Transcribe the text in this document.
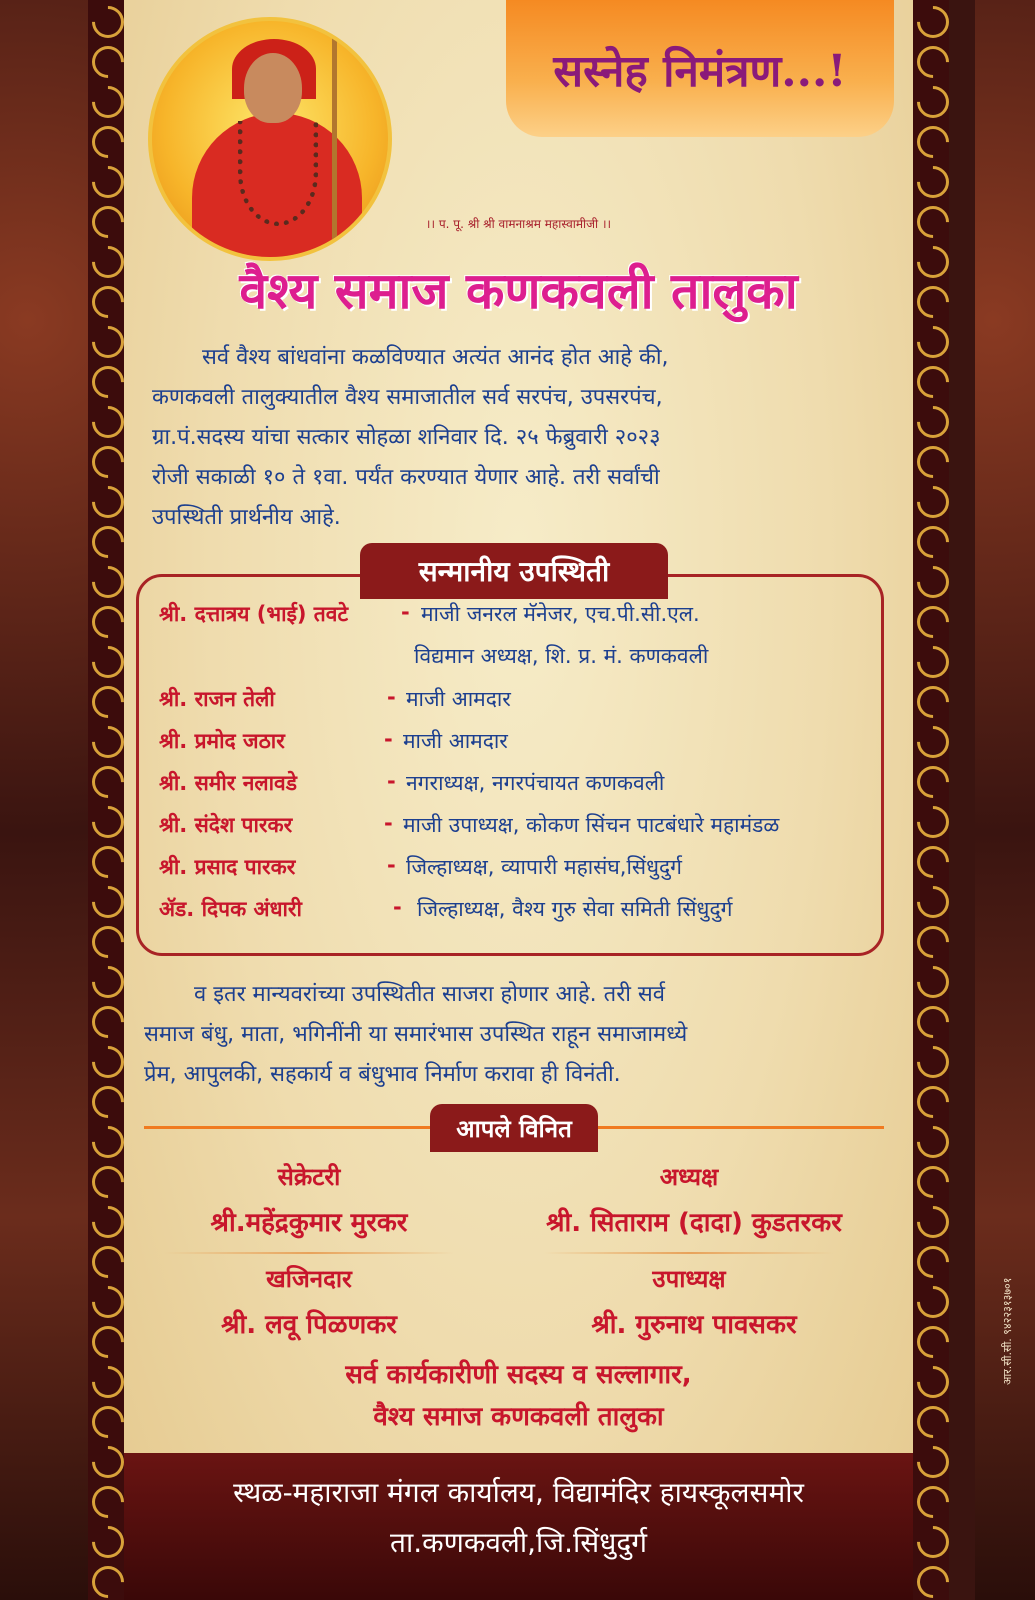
सस्नेह निमंत्रण...!
।। प. पू. श्री श्री वामनाश्रम महास्वामीजी ।।
वैश्य समाज कणकवली तालुका

सर्व वैश्य बांधवांना कळविण्यात अत्यंत आनंद होत आहे की,

कणकवली तालुक्यातील वैश्य समाजातील सर्व सरपंच, उपसरपंच,

ग्रा.पं.सदस्य यांचा सत्कार सोहळा शनिवार दि. २५ फेब्रुवारी २०२३

रोजी सकाळी १० ते १वा. पर्यंत करण्यात येणार आहे. तरी सर्वांची

उपस्थिती प्रार्थनीय आहे.

सन्मानीय उपस्थिती
श्री. दत्तात्रय (भाई) तवटे	- माजी जनरल मॅनेजर, एच.पी.सी.एल.
विद्यमान अध्यक्ष, शि. प्र. मं. कणकवली
श्री. राजन तेली	- माजी आमदार
श्री. प्रमोद जठार	- माजी आमदार
श्री. समीर नलावडे	- नगराध्यक्ष, नगरपंचायत कणकवली
श्री. संदेश पारकर	- माजी उपाध्यक्ष, कोकण सिंचन पाटबंधारे महामंडळ
श्री. प्रसाद पारकर	- जिल्हाध्यक्ष, व्यापारी महासंघ,सिंधुदुर्ग
ॲड. दिपक अंधारी	- जिल्हाध्यक्ष, वैश्य गुरु सेवा समिती सिंधुदुर्ग

व इतर मान्यवरांच्या उपस्थितीत साजरा होणार आहे. तरी सर्व

समाज बंधु, माता, भगिनींनी या समारंभास उपस्थित राहून समाजामध्ये

प्रेम, आपुलकी, सहकार्य व बंधुभाव निर्माण करावा ही विनंती.

आपले विनित
सेक्रेटरी
श्री.महेंद्रकुमार मुरकर
अध्यक्ष
श्री. सिताराम (दादा) कुडतरकर
खजिनदार
श्री. लवू पिळणकर
उपाध्यक्ष
श्री. गुरुनाथ पावसकर
सर्व कार्यकारीणी सदस्य व सल्लागार,
वैश्य समाज कणकवली तालुका
स्थळ-महाराजा मंगल कार्यालय, विद्यामंदिर हायस्कूलसमोर
ता.कणकवली,जि.सिंधुदुर्ग
आर.सी.सी. ९४२२३१३७०१
